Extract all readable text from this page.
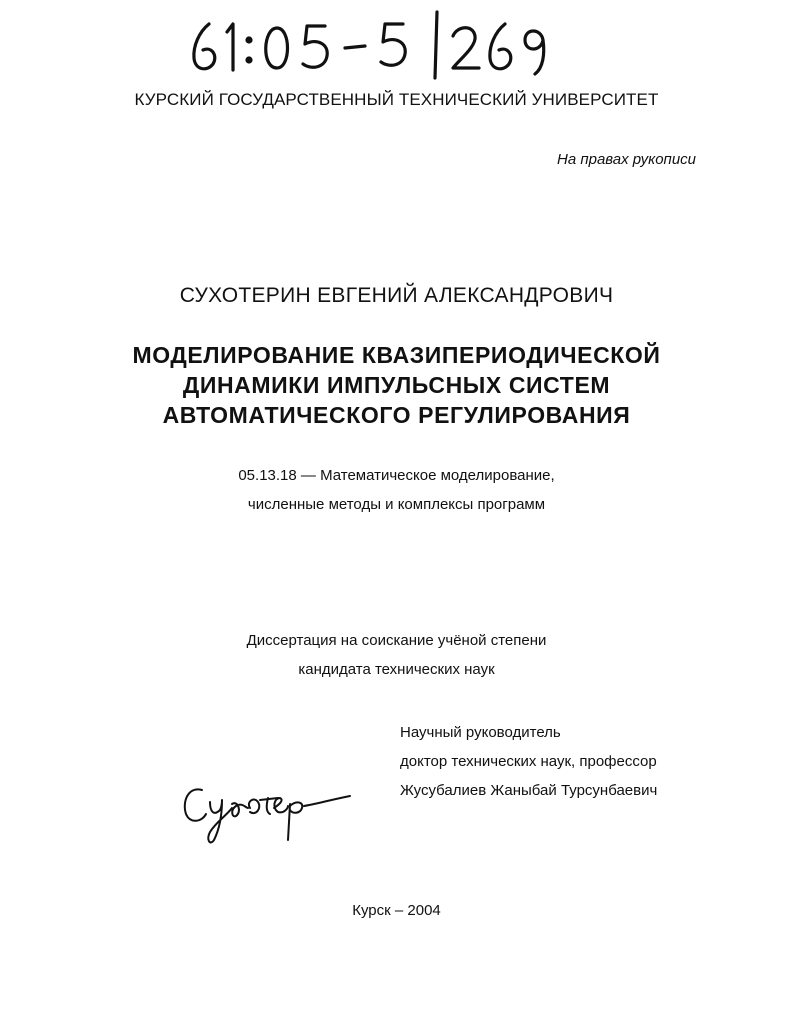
КУРСКИЙ ГОСУДАРСТВЕННЫЙ ТЕХНИЧЕСКИЙ УНИВЕРСИТЕТ
На правах рукописи
СУХОТЕРИН ЕВГЕНИЙ АЛЕКСАНДРОВИЧ
МОДЕЛИРОВАНИЕ КВАЗИПЕРИОДИЧЕСКОЙ
ДИНАМИКИ ИМПУЛЬСНЫХ СИСТЕМ
АВТОМАТИЧЕСКОГО РЕГУЛИРОВАНИЯ
05.13.18 — Математическое моделирование,
численные методы и комплексы программ
Диссертация на соискание учёной степени
кандидата технических наук
Научный руководитель
доктор технических наук, профессор
Жусубалиев Жаныбай Турсунбаевич
Курск – 2004
